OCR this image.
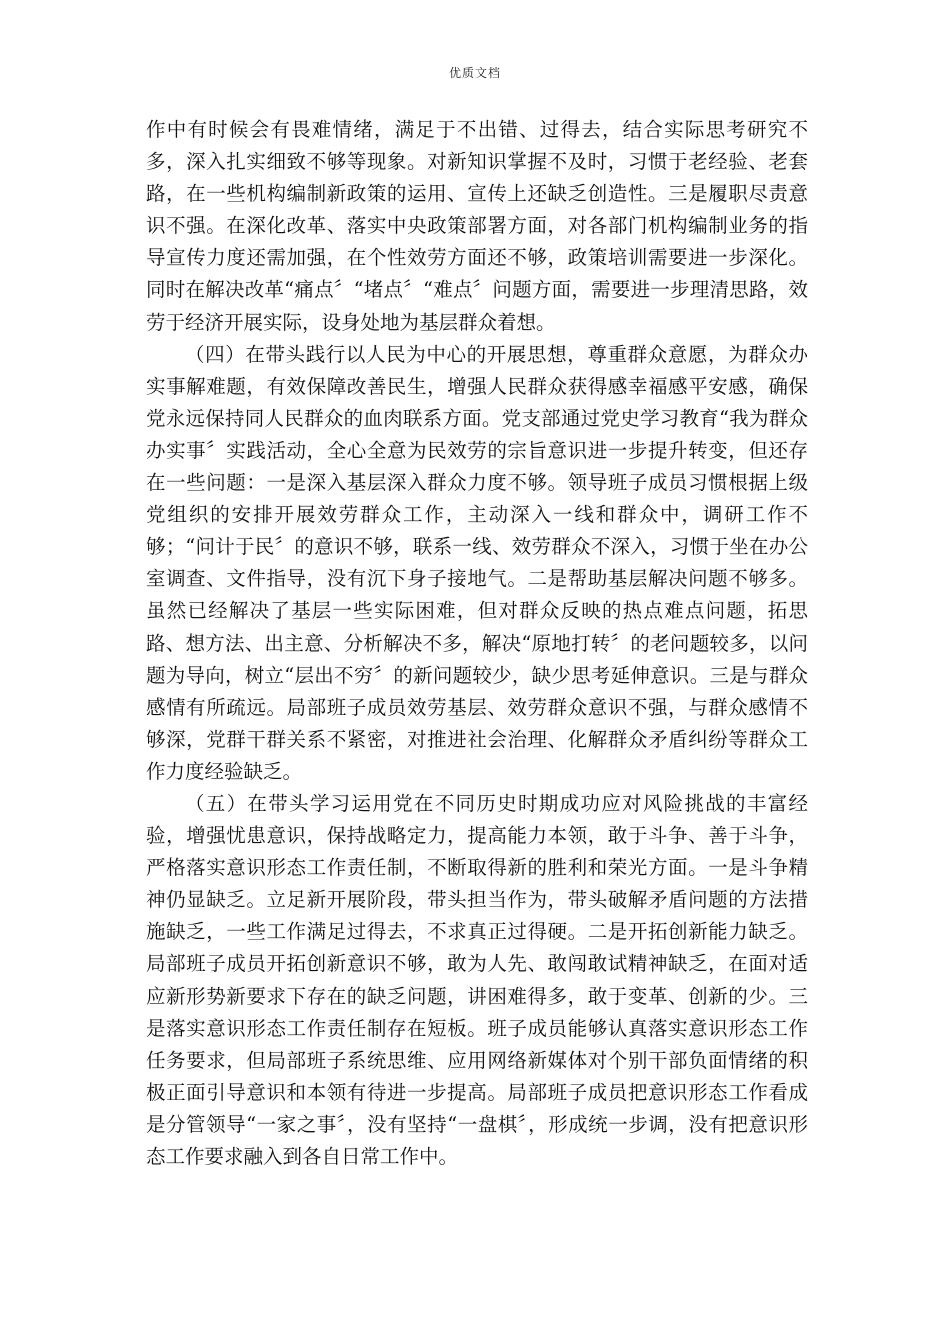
优质文档

作中有时候会有畏难情绪，满足于不出错、过得去，结合实际思考研究不多，深入扎实细致不够等现象。对新知识掌握不及时，习惯于老经验、老套路，在一些机构编制新政策的运用、宣传上还缺乏创造性。三是履职尽责意识不强。在深化改革、落实中央政策部署方面，对各部门机构编制业务的指导宣传力度还需加强，在个性效劳方面还不够，政策培训需要进一步深化。同时在解决改革“痛点〞“堵点〞“难点〞问题方面，需要进一步理清思路，效劳于经济开展实际，设身处地为基层群众着想。

（四）在带头践行以人民为中心的开展思想，尊重群众意愿，为群众办实事解难题，有效保障改善民生，增强人民群众获得感幸福感平安感，确保党永远保持同人民群众的血肉联系方面。党支部通过党史学习教育“我为群众办实事〞实践活动，全心全意为民效劳的宗旨意识进一步提升转变，但还存在一些问题：一是深入基层深入群众力度不够。领导班子成员习惯根据上级党组织的安排开展效劳群众工作，主动深入一线和群众中，调研工作不够；“问计于民〞的意识不够，联系一线、效劳群众不深入，习惯于坐在办公室调查、文件指导，没有沉下身子接地气。二是帮助基层解决问题不够多。虽然已经解决了基层一些实际困难，但对群众反映的热点难点问题，拓思路、想方法、出主意、分析解决不多，解决“原地打转〞的老问题较多，以问题为导向，树立“层出不穷〞的新问题较少，缺少思考延伸意识。三是与群众感情有所疏远。局部班子成员效劳基层、效劳群众意识不强，与群众感情不够深，党群干群关系不紧密，对推进社会治理、化解群众矛盾纠纷等群众工作力度经验缺乏。

（五）在带头学习运用党在不同历史时期成功应对风险挑战的丰富经验，增强忧患意识，保持战略定力，提高能力本领，敢于斗争、善于斗争，严格落实意识形态工作责任制，不断取得新的胜利和荣光方面。一是斗争精神仍显缺乏。立足新开展阶段，带头担当作为，带头破解矛盾问题的方法措施缺乏，一些工作满足过得去，不求真正过得硬。二是开拓创新能力缺乏。局部班子成员开拓创新意识不够，敢为人先、敢闯敢试精神缺乏，在面对适应新形势新要求下存在的缺乏问题，讲困难得多，敢于变革、创新的少。三是落实意识形态工作责任制存在短板。班子成员能够认真落实意识形态工作任务要求，但局部班子系统思维、应用网络新媒体对个别干部负面情绪的积极正面引导意识和本领有待进一步提高。局部班子成员把意识形态工作看成是分管领导“一家之事〞，没有坚持“一盘棋〞，形成统一步调，没有把意识形态工作要求融入到各自日常工作中。
